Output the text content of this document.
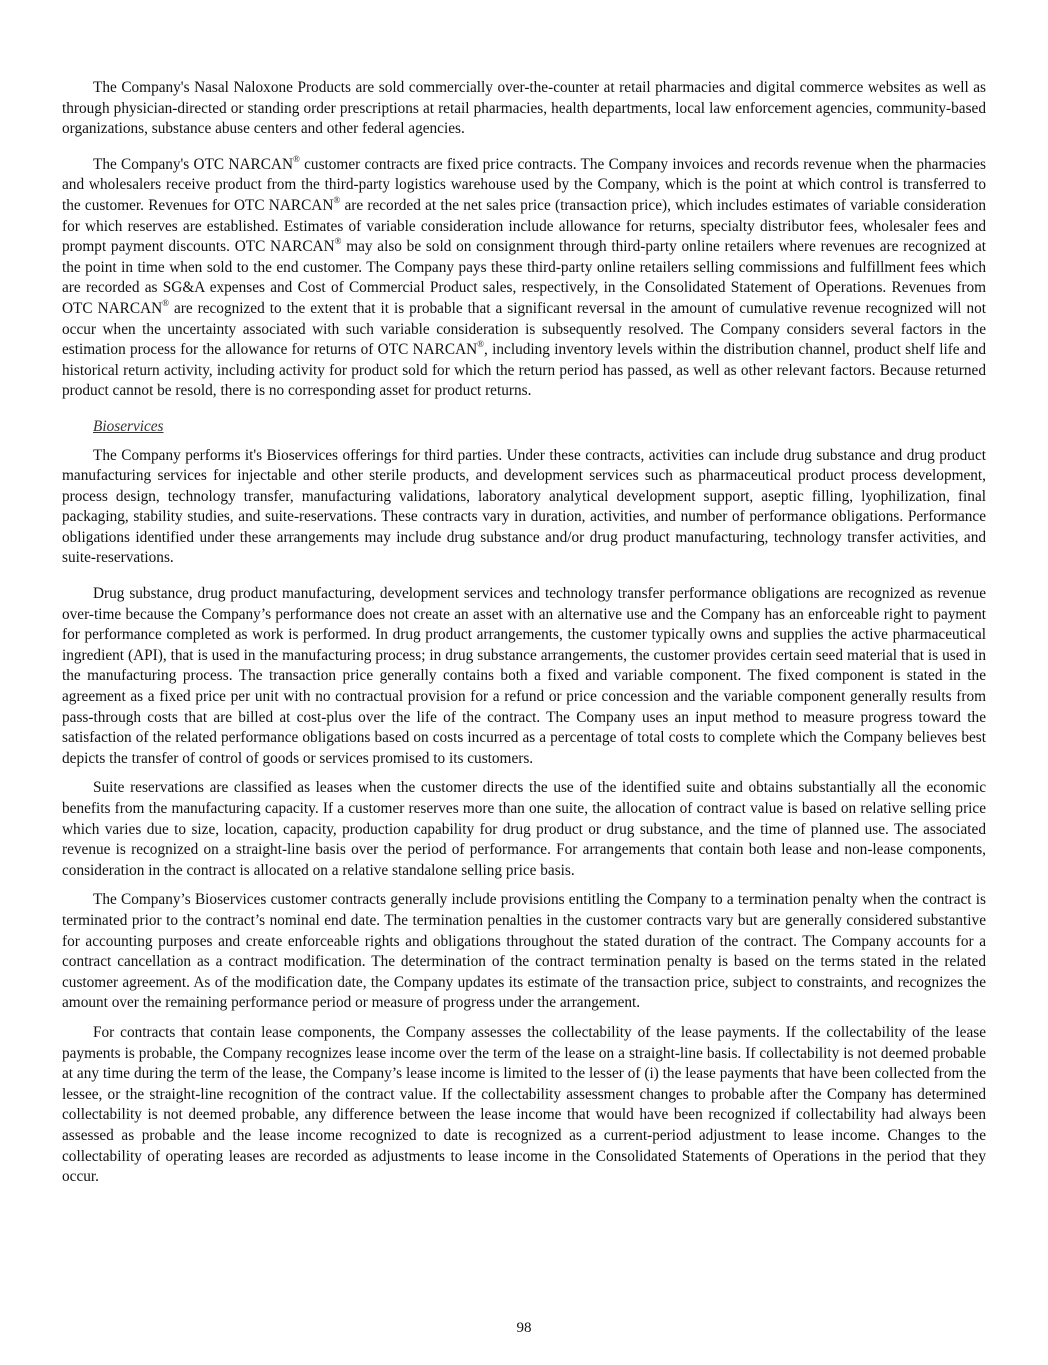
The Company's Nasal Naloxone Products are sold commercially over-the-counter at retail pharmacies and digital commerce websites as well as through physician-directed or standing order prescriptions at retail pharmacies, health departments, local law enforcement agencies, community-based organizations, substance abuse centers and other federal agencies.

The Company's OTC NARCAN® customer contracts are fixed price contracts. The Company invoices and records revenue when the pharmacies and wholesalers receive product from the third-party logistics warehouse used by the Company, which is the point at which control is transferred to the customer. Revenues for OTC NARCAN® are recorded at the net sales price (transaction price), which includes estimates of variable consideration for which reserves are established. Estimates of variable consideration include allowance for returns, specialty distributor fees, wholesaler fees and prompt payment discounts. OTC NARCAN® may also be sold on consignment through third-party online retailers where revenues are recognized at the point in time when sold to the end customer. The Company pays these third-party online retailers selling commissions and fulfillment fees which are recorded as SG&A expenses and Cost of Commercial Product sales, respectively, in the Consolidated Statement of Operations. Revenues from OTC NARCAN® are recognized to the extent that it is probable that a significant reversal in the amount of cumulative revenue recognized will not occur when the uncertainty associated with such variable consideration is subsequently resolved. The Company considers several factors in the estimation process for the allowance for returns of OTC NARCAN®, including inventory levels within the distribution channel, product shelf life and historical return activity, including activity for product sold for which the return period has passed, as well as other relevant factors. Because returned product cannot be resold, there is no corresponding asset for product returns.

Bioservices

The Company performs it's Bioservices offerings for third parties. Under these contracts, activities can include drug substance and drug product manufacturing services for injectable and other sterile products, and development services such as pharmaceutical product process development, process design, technology transfer, manufacturing validations, laboratory analytical development support, aseptic filling, lyophilization, final packaging, stability studies, and suite-reservations. These contracts vary in duration, activities, and number of performance obligations. Performance obligations identified under these arrangements may include drug substance and/or drug product manufacturing, technology transfer activities, and suite-reservations.

Drug substance, drug product manufacturing, development services and technology transfer performance obligations are recognized as revenue over-time because the Company’s performance does not create an asset with an alternative use and the Company has an enforceable right to payment for performance completed as work is performed. In drug product arrangements, the customer typically owns and supplies the active pharmaceutical ingredient (API), that is used in the manufacturing process; in drug substance arrangements, the customer provides certain seed material that is used in the manufacturing process. The transaction price generally contains both a fixed and variable component. The fixed component is stated in the agreement as a fixed price per unit with no contractual provision for a refund or price concession and the variable component generally results from pass-through costs that are billed at cost-plus over the life of the contract. The Company uses an input method to measure progress toward the satisfaction of the related performance obligations based on costs incurred as a percentage of total costs to complete which the Company believes best depicts the transfer of control of goods or services promised to its customers.

Suite reservations are classified as leases when the customer directs the use of the identified suite and obtains substantially all the economic benefits from the manufacturing capacity. If a customer reserves more than one suite, the allocation of contract value is based on relative selling price which varies due to size, location, capacity, production capability for drug product or drug substance, and the time of planned use. The associated revenue is recognized on a straight-line basis over the period of performance. For arrangements that contain both lease and non-lease components, consideration in the contract is allocated on a relative standalone selling price basis.

The Company’s Bioservices customer contracts generally include provisions entitling the Company to a termination penalty when the contract is terminated prior to the contract’s nominal end date. The termination penalties in the customer contracts vary but are generally considered substantive for accounting purposes and create enforceable rights and obligations throughout the stated duration of the contract. The Company accounts for a contract cancellation as a contract modification. The determination of the contract termination penalty is based on the terms stated in the related customer agreement. As of the modification date, the Company updates its estimate of the transaction price, subject to constraints, and recognizes the amount over the remaining performance period or measure of progress under the arrangement.

For contracts that contain lease components, the Company assesses the collectability of the lease payments. If the collectability of the lease payments is probable, the Company recognizes lease income over the term of the lease on a straight-line basis. If collectability is not deemed probable at any time during the term of the lease, the Company’s lease income is limited to the lesser of (i) the lease payments that have been collected from the lessee, or the straight-line recognition of the contract value. If the collectability assessment changes to probable after the Company has determined collectability is not deemed probable, any difference between the lease income that would have been recognized if collectability had always been assessed as probable and the lease income recognized to date is recognized as a current-period adjustment to lease income. Changes to the collectability of operating leases are recorded as adjustments to lease income in the Consolidated Statements of Operations in the period that they occur.

98
